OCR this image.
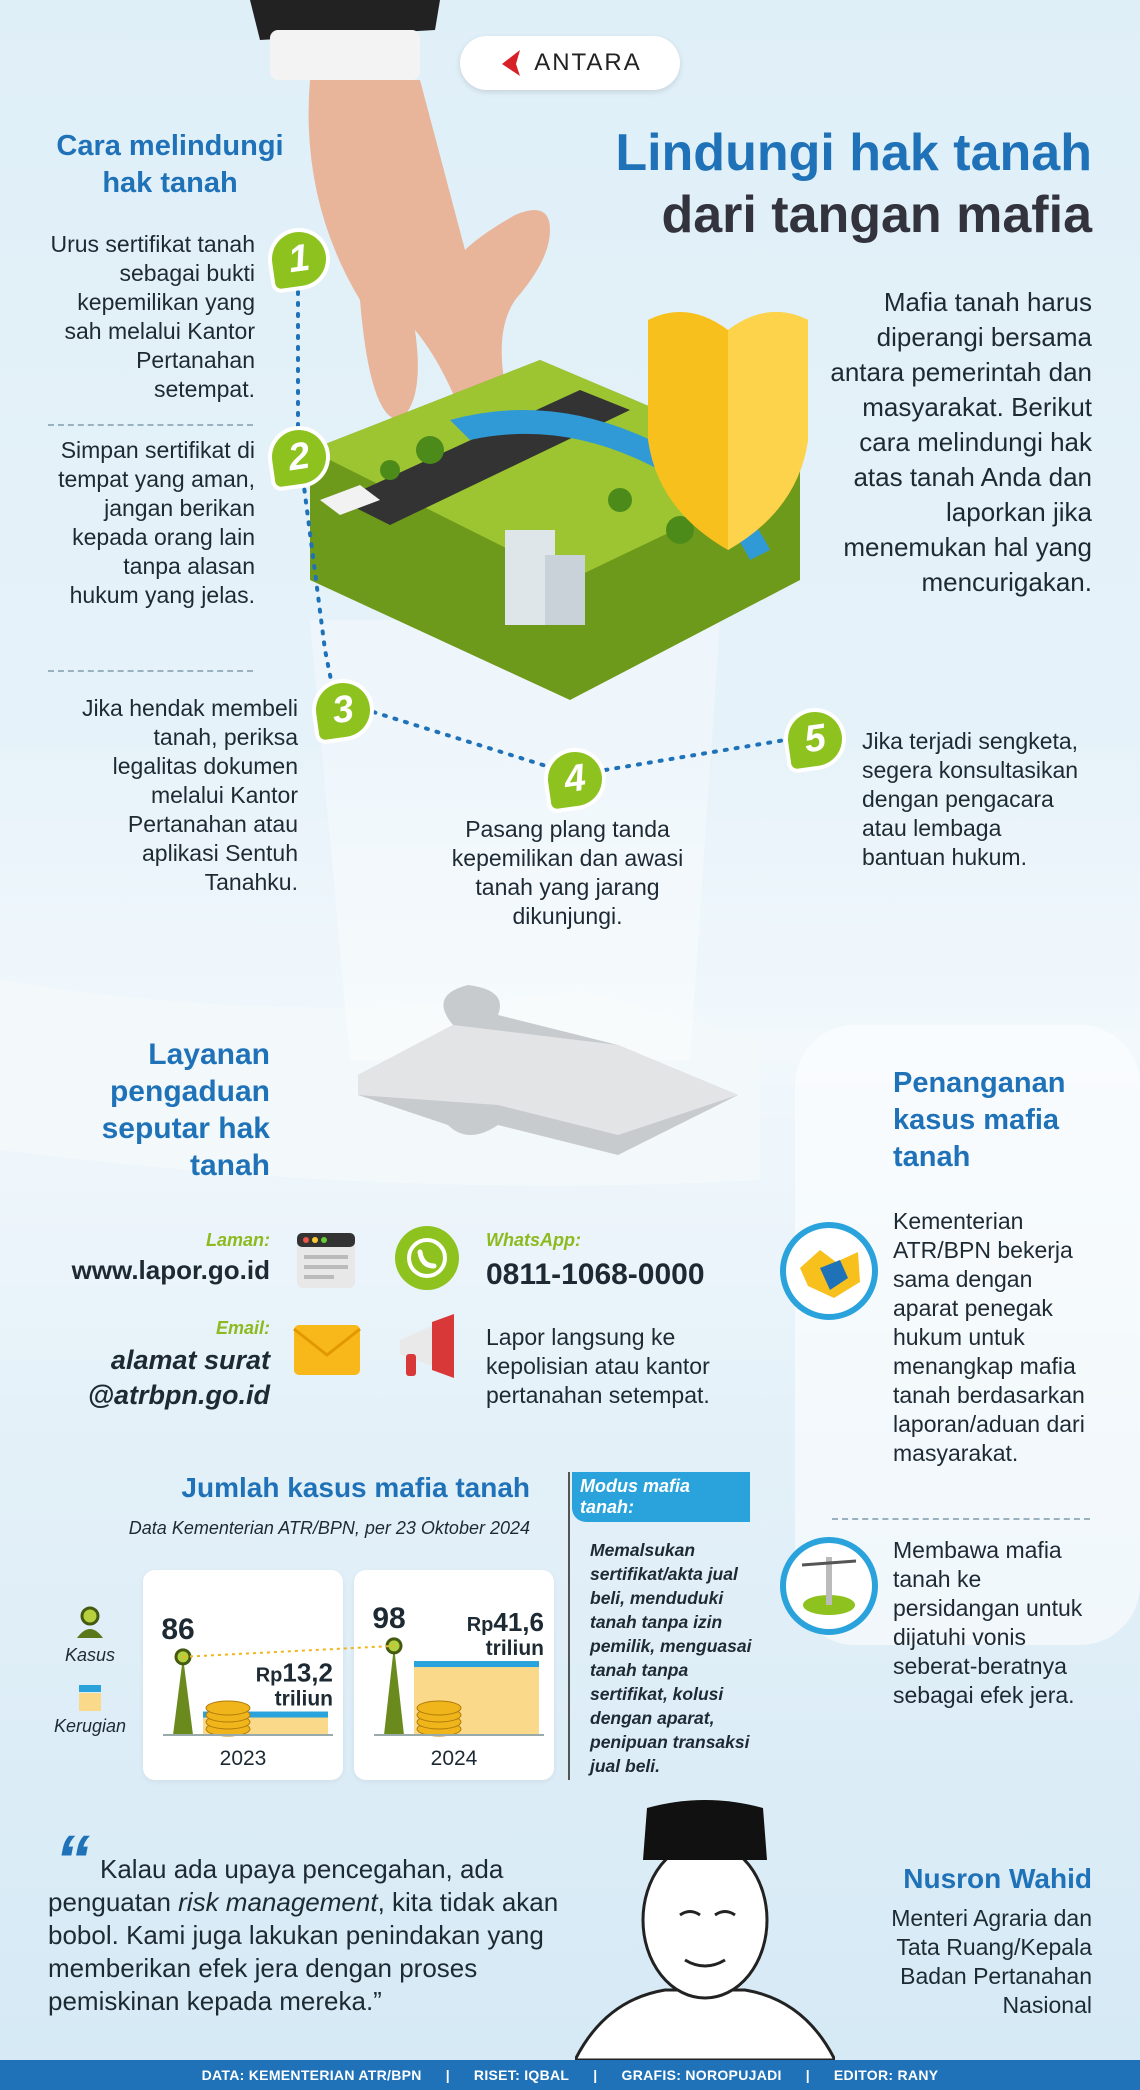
ANTARA
Lindungi hak tanah
dari tangan mafia
Mafia tanah harus diperangi bersama antara pemerintah dan masyarakat. Berikut cara melindungi hak atas tanah Anda dan laporkan jika menemukan hal yang mencurigakan.
Cara melindungi hak tanah
Urus sertifikat tanah sebagai bukti kepemilikan yang sah melalui Kantor Pertanahan setempat.
Simpan sertifikat di tempat yang aman, jangan berikan kepada orang lain tanpa alasan hukum yang jelas.
Jika hendak membeli tanah, periksa legalitas dokumen melalui Kantor Pertanahan atau aplikasi Sentuh Tanahku.
Pasang plang tanda kepemilikan dan awasi tanah yang jarang dikunjungi.
Jika terjadi sengketa, segera konsultasikan dengan pengacara atau lembaga bantuan hukum.
1
2
3
4
5
Layanan pengaduan seputar hak tanah
Laman:
www.lapor.go.id
Email:
alamat surat @atrbpn.go.id
WhatsApp:
0811-1068-0000
Lapor langsung ke kepolisian atau kantor pertanahan setempat.
Penanganan kasus mafia tanah
Kementerian ATR/BPN bekerja sama dengan aparat penegak hukum untuk menangkap mafia tanah berdasarkan laporan/aduan dari masyarakat.
Membawa mafia tanah ke persidangan untuk dijatuhi vonis seberat-beratnya sebagai efek jera.
Jumlah kasus mafia tanah
Data Kementerian ATR/BPN, per 23 Oktober 2024
Kasus
Kerugian
86
Rp13,2
triliun
2023
98	Rp41,6
triliun
2024
Modus mafia tanah:
Memalsukan sertifikat/akta jual beli, menduduki tanah tanpa izin pemilik, menguasai tanah tanpa sertifikat, kolusi dengan aparat, penipuan transaksi jual beli.
“ Kalau ada upaya pencegahan, ada penguatan risk management, kita tidak akan bobol. Kami juga lakukan penindakan yang memberikan efek jera dengan proses pemiskinan kepada mereka.”
Nusron Wahid
Menteri Agraria dan Tata Ruang/Kepala Badan Pertanahan Nasional
DATA: KEMENTERIAN ATR/BPN | RISET: IQBAL | GRAFIS: NOROPUJADI | EDITOR: RANY
